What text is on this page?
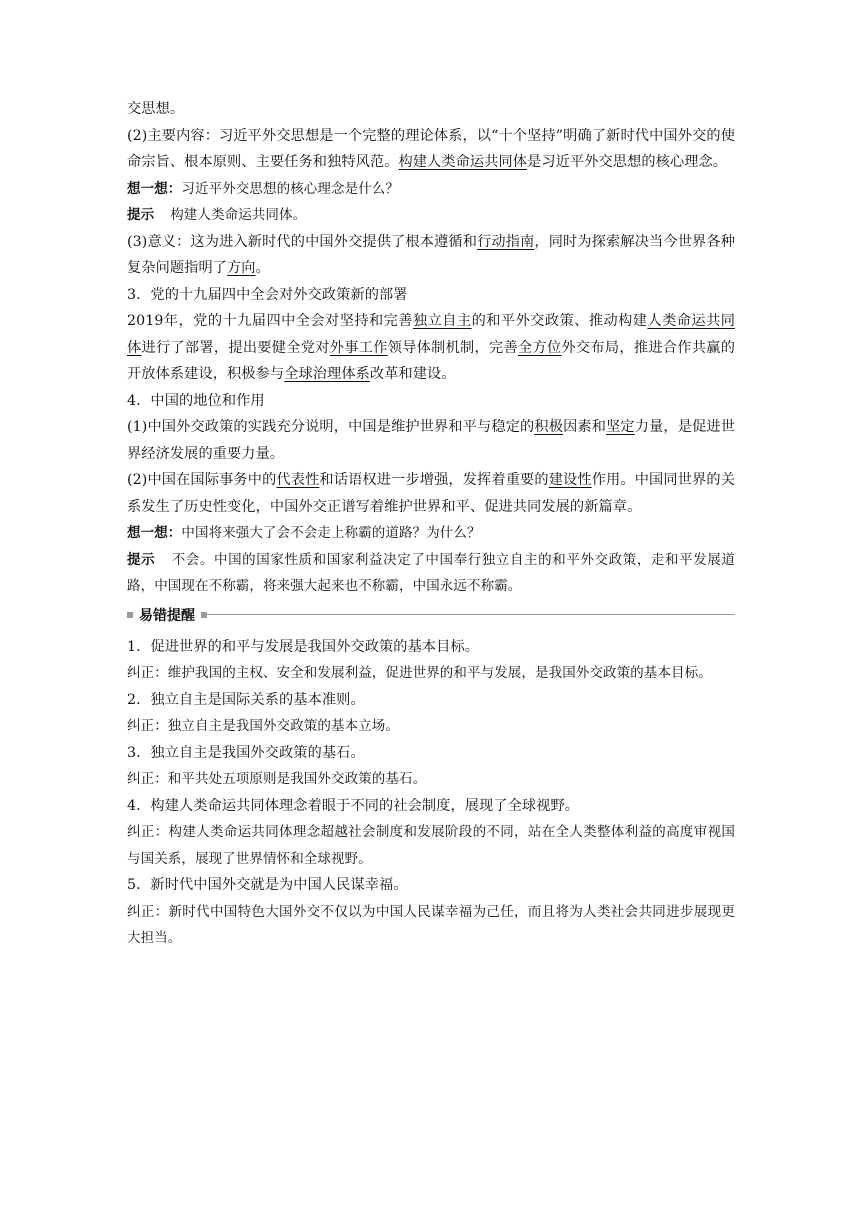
交思想。

(2)主要内容：习近平外交思想是一个完整的理论体系，以“十个坚持”明确了新时代中国外交的使命宗旨、根本原则、主要任务和独特风范。构建人类命运共同体是习近平外交思想的核心理念。

想一想：习近平外交思想的核心理念是什么？

提示 构建人类命运共同体。

(3)意义：这为进入新时代的中国外交提供了根本遵循和行动指南，同时为探索解决当今世界各种复杂问题指明了方向。

3．党的十九届四中全会对外交政策新的部署

2019年，党的十九届四中全会对坚持和完善独立自主的和平外交政策、推动构建人类命运共同体进行了部署，提出要健全党对外事工作领导体制机制，完善全方位外交布局，推进合作共赢的开放体系建设，积极参与全球治理体系改革和建设。

4．中国的地位和作用

(1)中国外交政策的实践充分说明，中国是维护世界和平与稳定的积极因素和坚定力量，是促进世界经济发展的重要力量。

(2)中国在国际事务中的代表性和话语权进一步增强，发挥着重要的建设性作用。中国同世界的关系发生了历史性变化，中国外交正谱写着维护世界和平、促进共同发展的新篇章。

想一想：中国将来强大了会不会走上称霸的道路？为什么？

提示 不会。中国的国家性质和国家利益决定了中国奉行独立自主的和平外交政策，走和平发展道路，中国现在不称霸，将来强大起来也不称霸，中国永远不称霸。

易错提醒

1．促进世界的和平与发展是我国外交政策的基本目标。

纠正：维护我国的主权、安全和发展利益，促进世界的和平与发展，是我国外交政策的基本目标。

2．独立自主是国际关系的基本准则。

纠正：独立自主是我国外交政策的基本立场。

3．独立自主是我国外交政策的基石。

纠正：和平共处五项原则是我国外交政策的基石。

4．构建人类命运共同体理念着眼于不同的社会制度，展现了全球视野。

纠正：构建人类命运共同体理念超越社会制度和发展阶段的不同，站在全人类整体利益的高度审视国与国关系，展现了世界情怀和全球视野。

5．新时代中国外交就是为中国人民谋幸福。

纠正：新时代中国特色大国外交不仅以为中国人民谋幸福为己任，而且将为人类社会共同进步展现更大担当。
